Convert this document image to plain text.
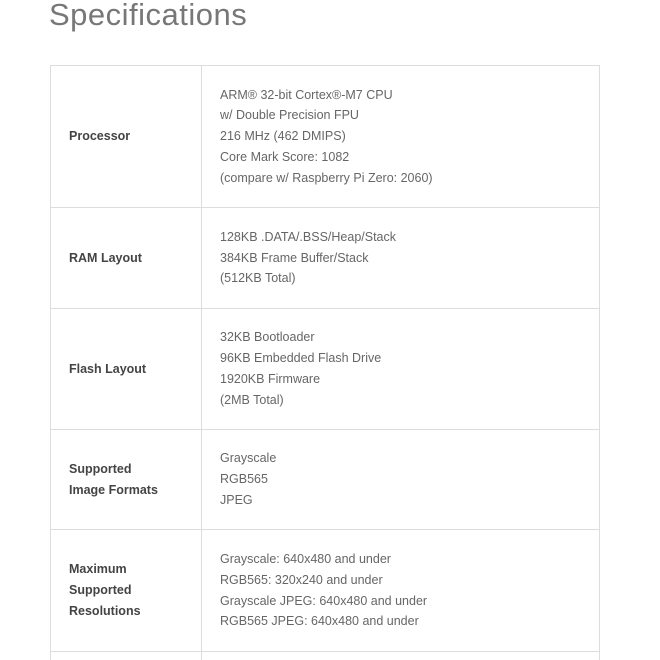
Specifications
Processor	ARM® 32-bit Cortex®-M7 CPU
w/ Double Precision FPU
216 MHz (462 DMIPS)
Core Mark Score: 1082
(compare w/ Raspberry Pi Zero: 2060)

RAM Layout	128KB .DATA/.BSS/Heap/Stack
384KB Frame Buffer/Stack
(512KB Total)

Flash Layout	32KB Bootloader
96KB Embedded Flash Drive
1920KB Firmware
(2MB Total)

Supported
Image Formats	Grayscale
RGB565
JPEG

Maximum
Supported
Resolutions	Grayscale: 640x480 and under
RGB565: 320x240 and under
Grayscale JPEG: 640x480 and under
RGB565 JPEG: 640x480 and under
